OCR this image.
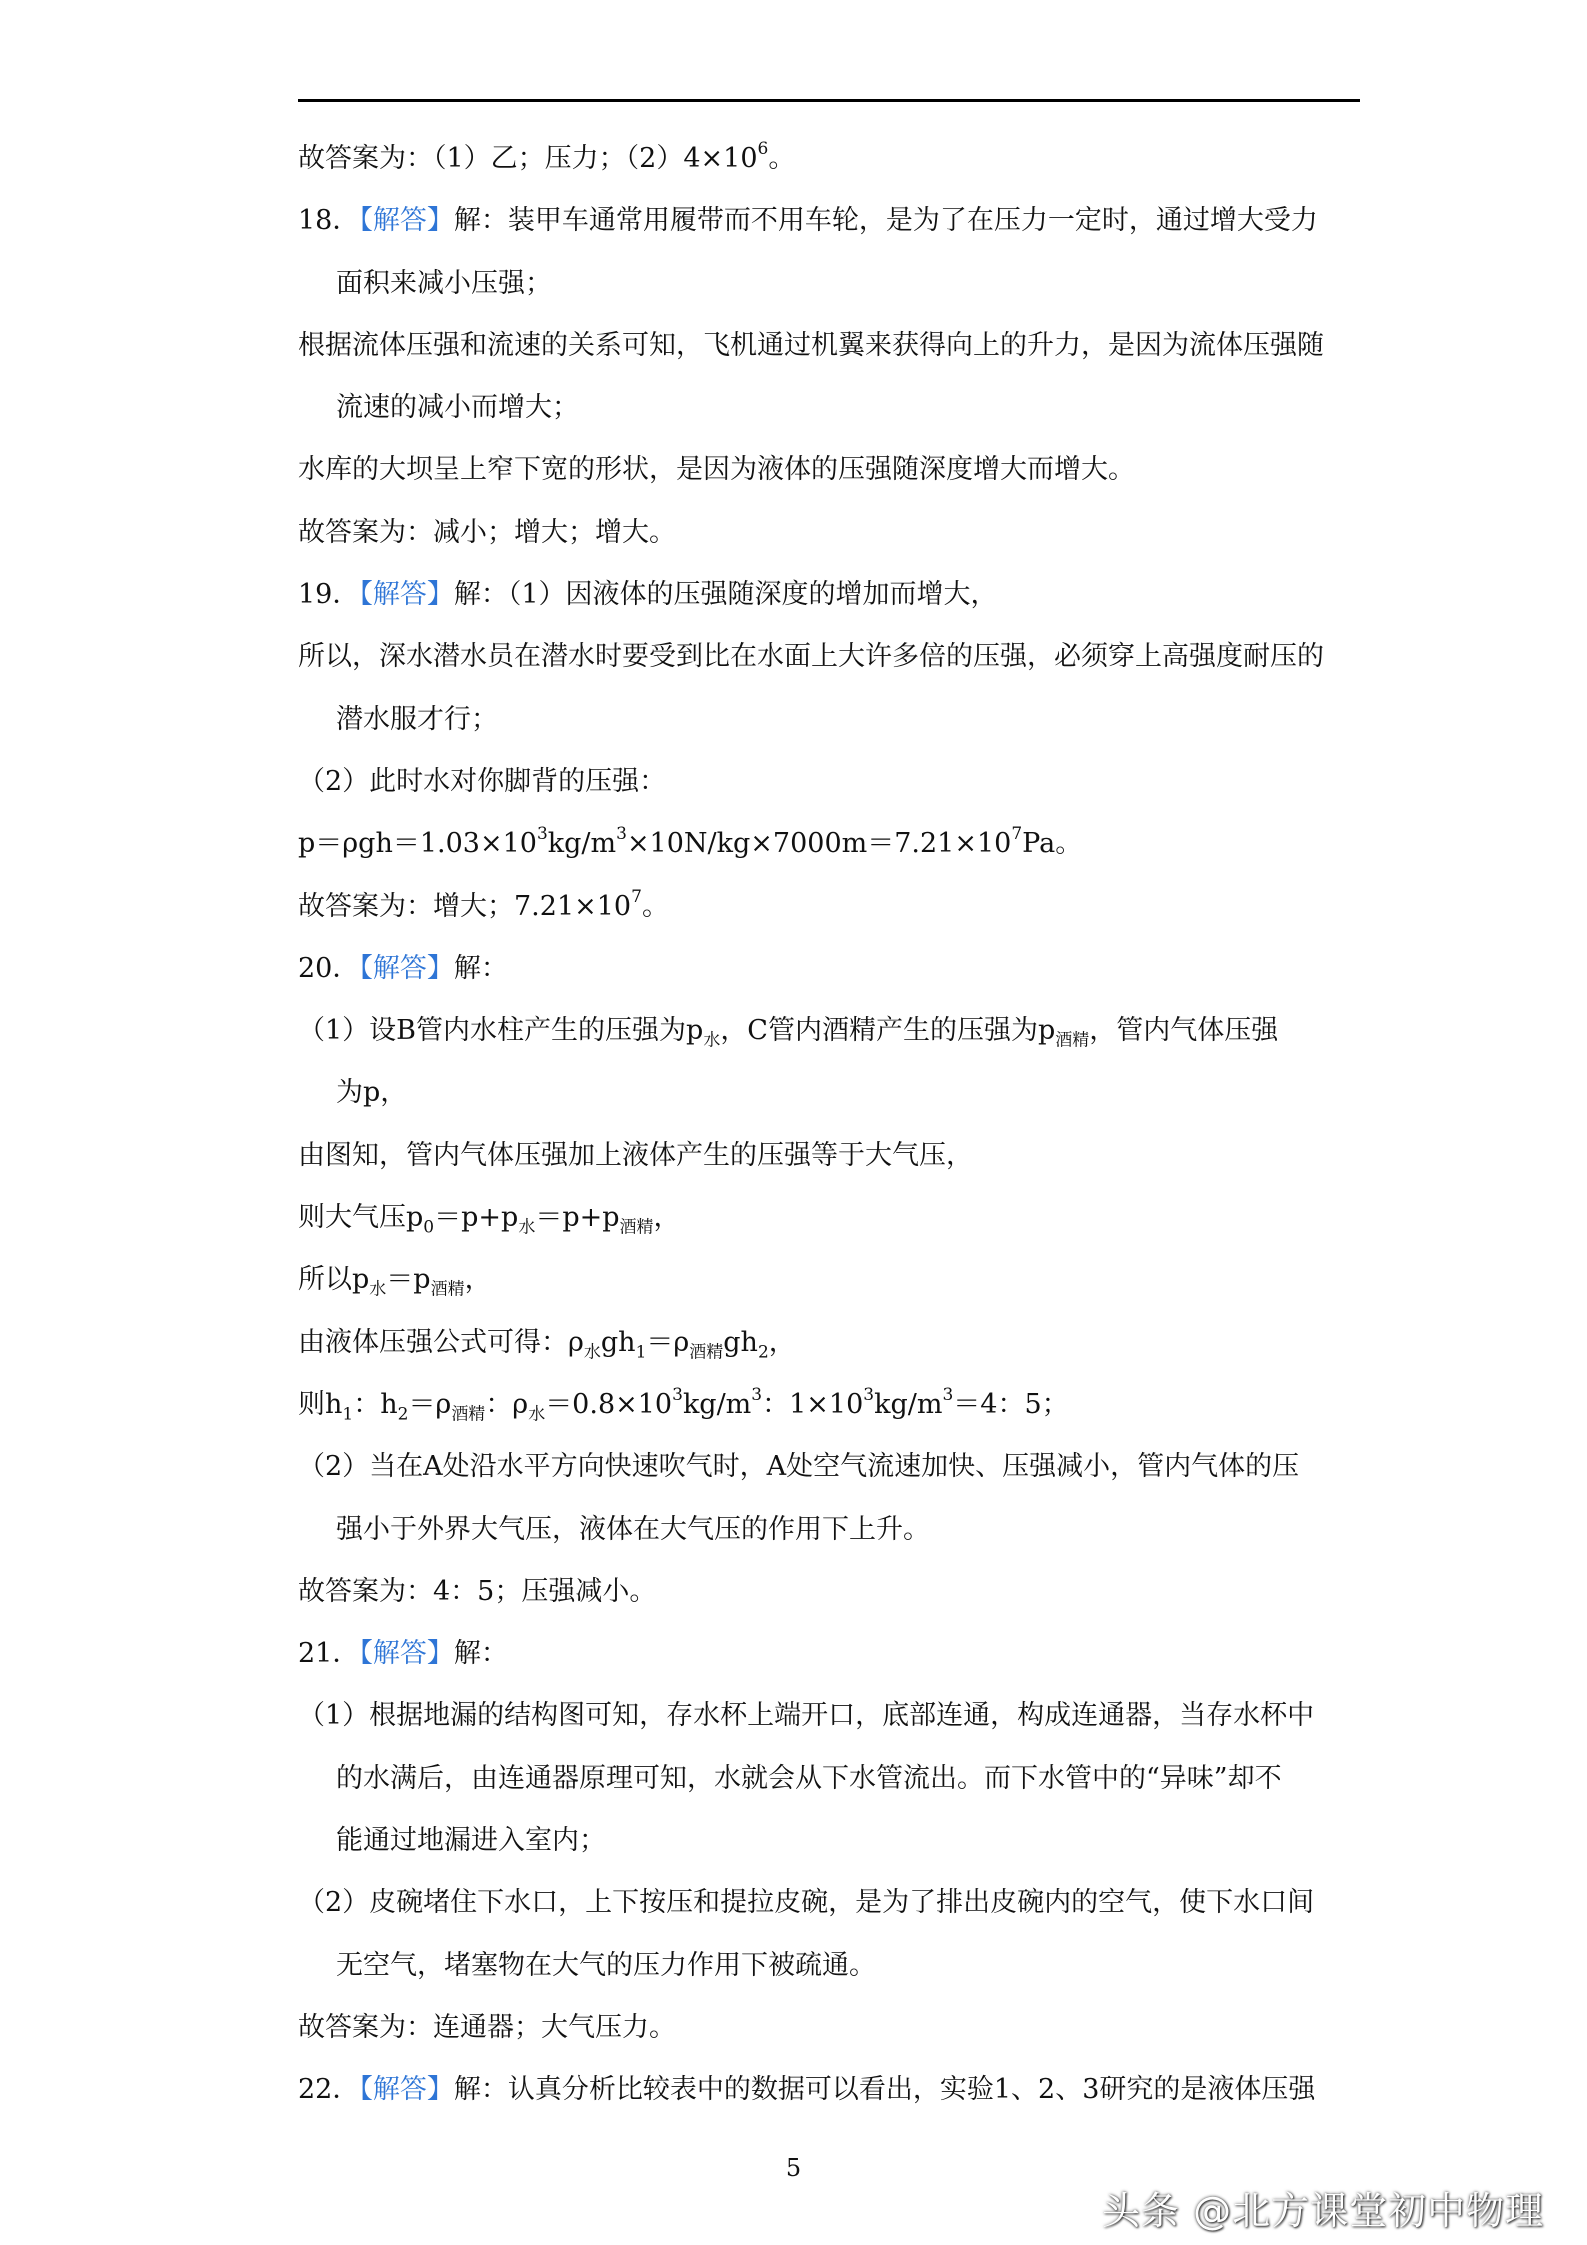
故答案为：（1）乙；压力；$(2)4\times 10^6$。
18．【解答】解：装甲车通常用履带而不用车轮，是为了在压力一定时，通过增大受力
面积来减小压强；
根据流体压强和流速的关系可知，飞机通过机翼来获得向上的升力，是因为流体压强随
流速的减小而增大；
水库的大坝呈上窄下宽的形状，是因为液体的压强随深度增大而增大。
故答案为：减小；增大；增大。
19．【解答】解：（1）因液体的压强随深度的增加而增大，
所以，深水潜水员在潜水时要受到比在水面上大许多倍的压强，必须穿上高强度耐压的
潜水服才行；
（2）此时水对你脚背的压强：
$p=\rho gh=1.03\times 10^3kg/m^3\times 10N/kg\times 7000m=7.21\times 10^7Pa$。
故答案为：增大；$7.21\times 10^7$。
20．【解答】解：
（1）设B管内水柱产生的压强为$p_水$，C管内酒精产生的压强为$p_{酒精}$，管内气体压强
为p，
由图知，管内气体压强加上液体产生的压强等于大气压，
则大气压$p_0=p+p_水=p+p_{酒精}$，
所以$p_水=p_{酒精}$，
由液体压强公式可得：$\rho_水gh_1=\rho_{酒精}gh_2$，
则$h_1$：$h_2=\rho_{酒精}$：$\rho_水=0.8\times 10^3kg/m^3$：$1\times 10^3kg/m^3=4$：5；
（2）当在A处沿水平方向快速吹气时，A处空气流速加快、压强减小，管内气体的压
强小于外界大气压，液体在大气压的作用下上升。
故答案为：4：5；压强减小。
21．【解答】解：
（1）根据地漏的结构图可知，存水杯上端开口，底部连通，构成连通器，当存水杯中
的水满后，由连通器原理可知，水就会从下水管流出。而下水管中的“异味”却不
能通过地漏进入室内；
（2）皮碗堵住下水口，上下按压和提拉皮碗，是为了排出皮碗内的空气，使下水口间
无空气，堵塞物在大气的压力作用下被疏通。
故答案为：连通器；大气压力。
22．【解答】解：认真分析比较表中的数据可以看出，实验1、2、3研究的是液体压强
5
头条 @北方课堂初中物理
